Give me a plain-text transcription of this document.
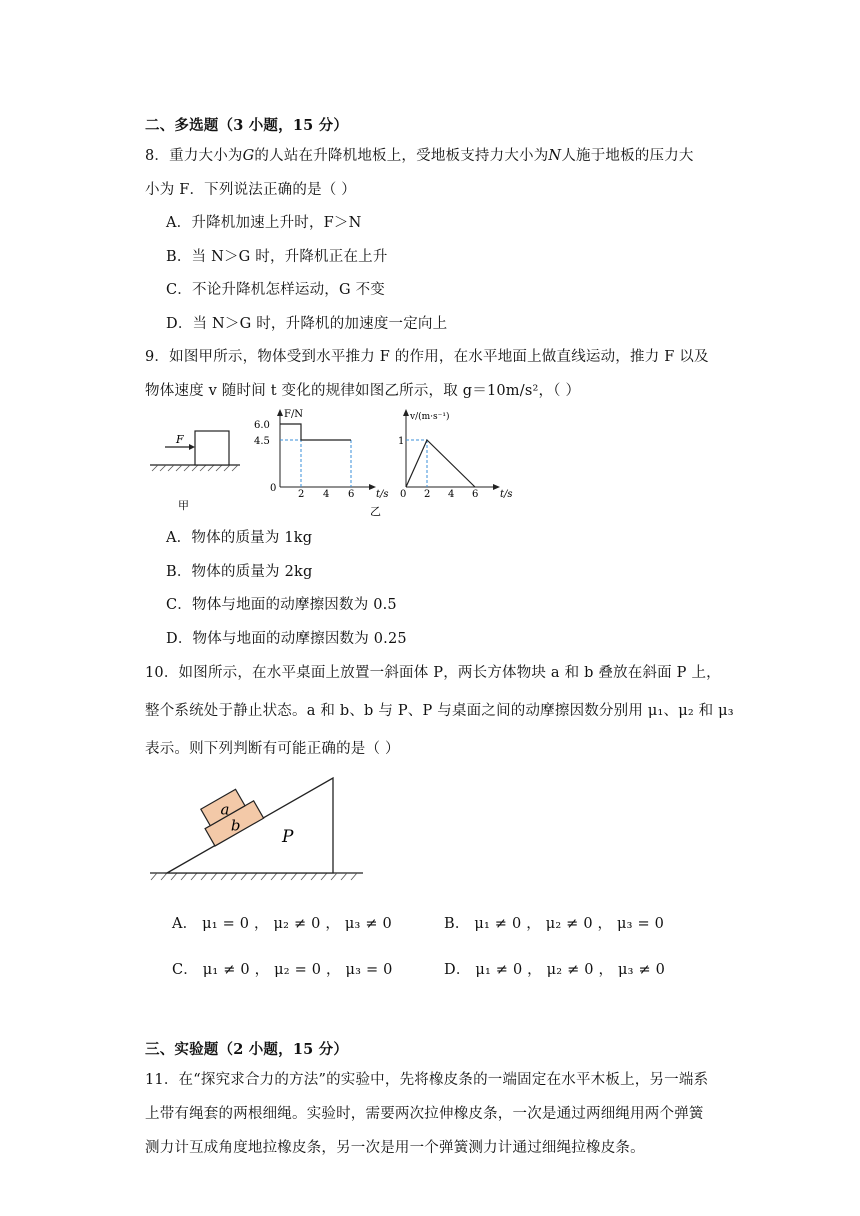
二、多选题（3 小题，15 分）
8．重力大小为G的人站在升降机地板上，受地板支持力大小为N人施于地板的压力大
小为 F．下列说法正确的是（ ）
A．升降机加速上升时，F＞N
B．当 N＞G 时，升降机正在上升
C．不论升降机怎样运动，G 不变
D．当 N＞G 时，升降机的加速度一定向上
9．如图甲所示，物体受到水平推力 F 的作用，在水平地面上做直线运动，推力 F 以及
物体速度 v 随时间 t 变化的规律如图乙所示，取 g＝10m/s²，（ ）
F
甲
F/N
6.0
4.5
0
2 4 6 t/s
乙
v/(m·s⁻¹)
1
0 2 4 6 t/s
A．物体的质量为 1kg
B．物体的质量为 2kg
C．物体与地面的动摩擦因数为 0.5
D．物体与地面的动摩擦因数为 0.25
10．如图所示，在水平桌面上放置一斜面体 P，两长方体物块 a 和 b 叠放在斜面 P 上，
整个系统处于静止状态。a 和 b、b 与 P、P 与桌面之间的动摩擦因数分别用 μ₁、μ₂ 和 μ₃
表示。则下列判断有可能正确的是（ ）
a
b
P
A． μ₁ = 0 ， μ₂ ≠ 0 ， μ₃ ≠ 0	B． μ₁ ≠ 0 ， μ₂ ≠ 0 ， μ₃ = 0
C． μ₁ ≠ 0 ， μ₂ = 0 ， μ₃ = 0	D． μ₁ ≠ 0 ， μ₂ ≠ 0 ， μ₃ ≠ 0
三、实验题（2 小题，15 分）
11．在“探究求合力的方法”的实验中，先将橡皮条的一端固定在水平木板上，另一端系
上带有绳套的两根细绳。实验时，需要两次拉伸橡皮条，一次是通过两细绳用两个弹簧
测力计互成角度地拉橡皮条，另一次是用一个弹簧测力计通过细绳拉橡皮条。
